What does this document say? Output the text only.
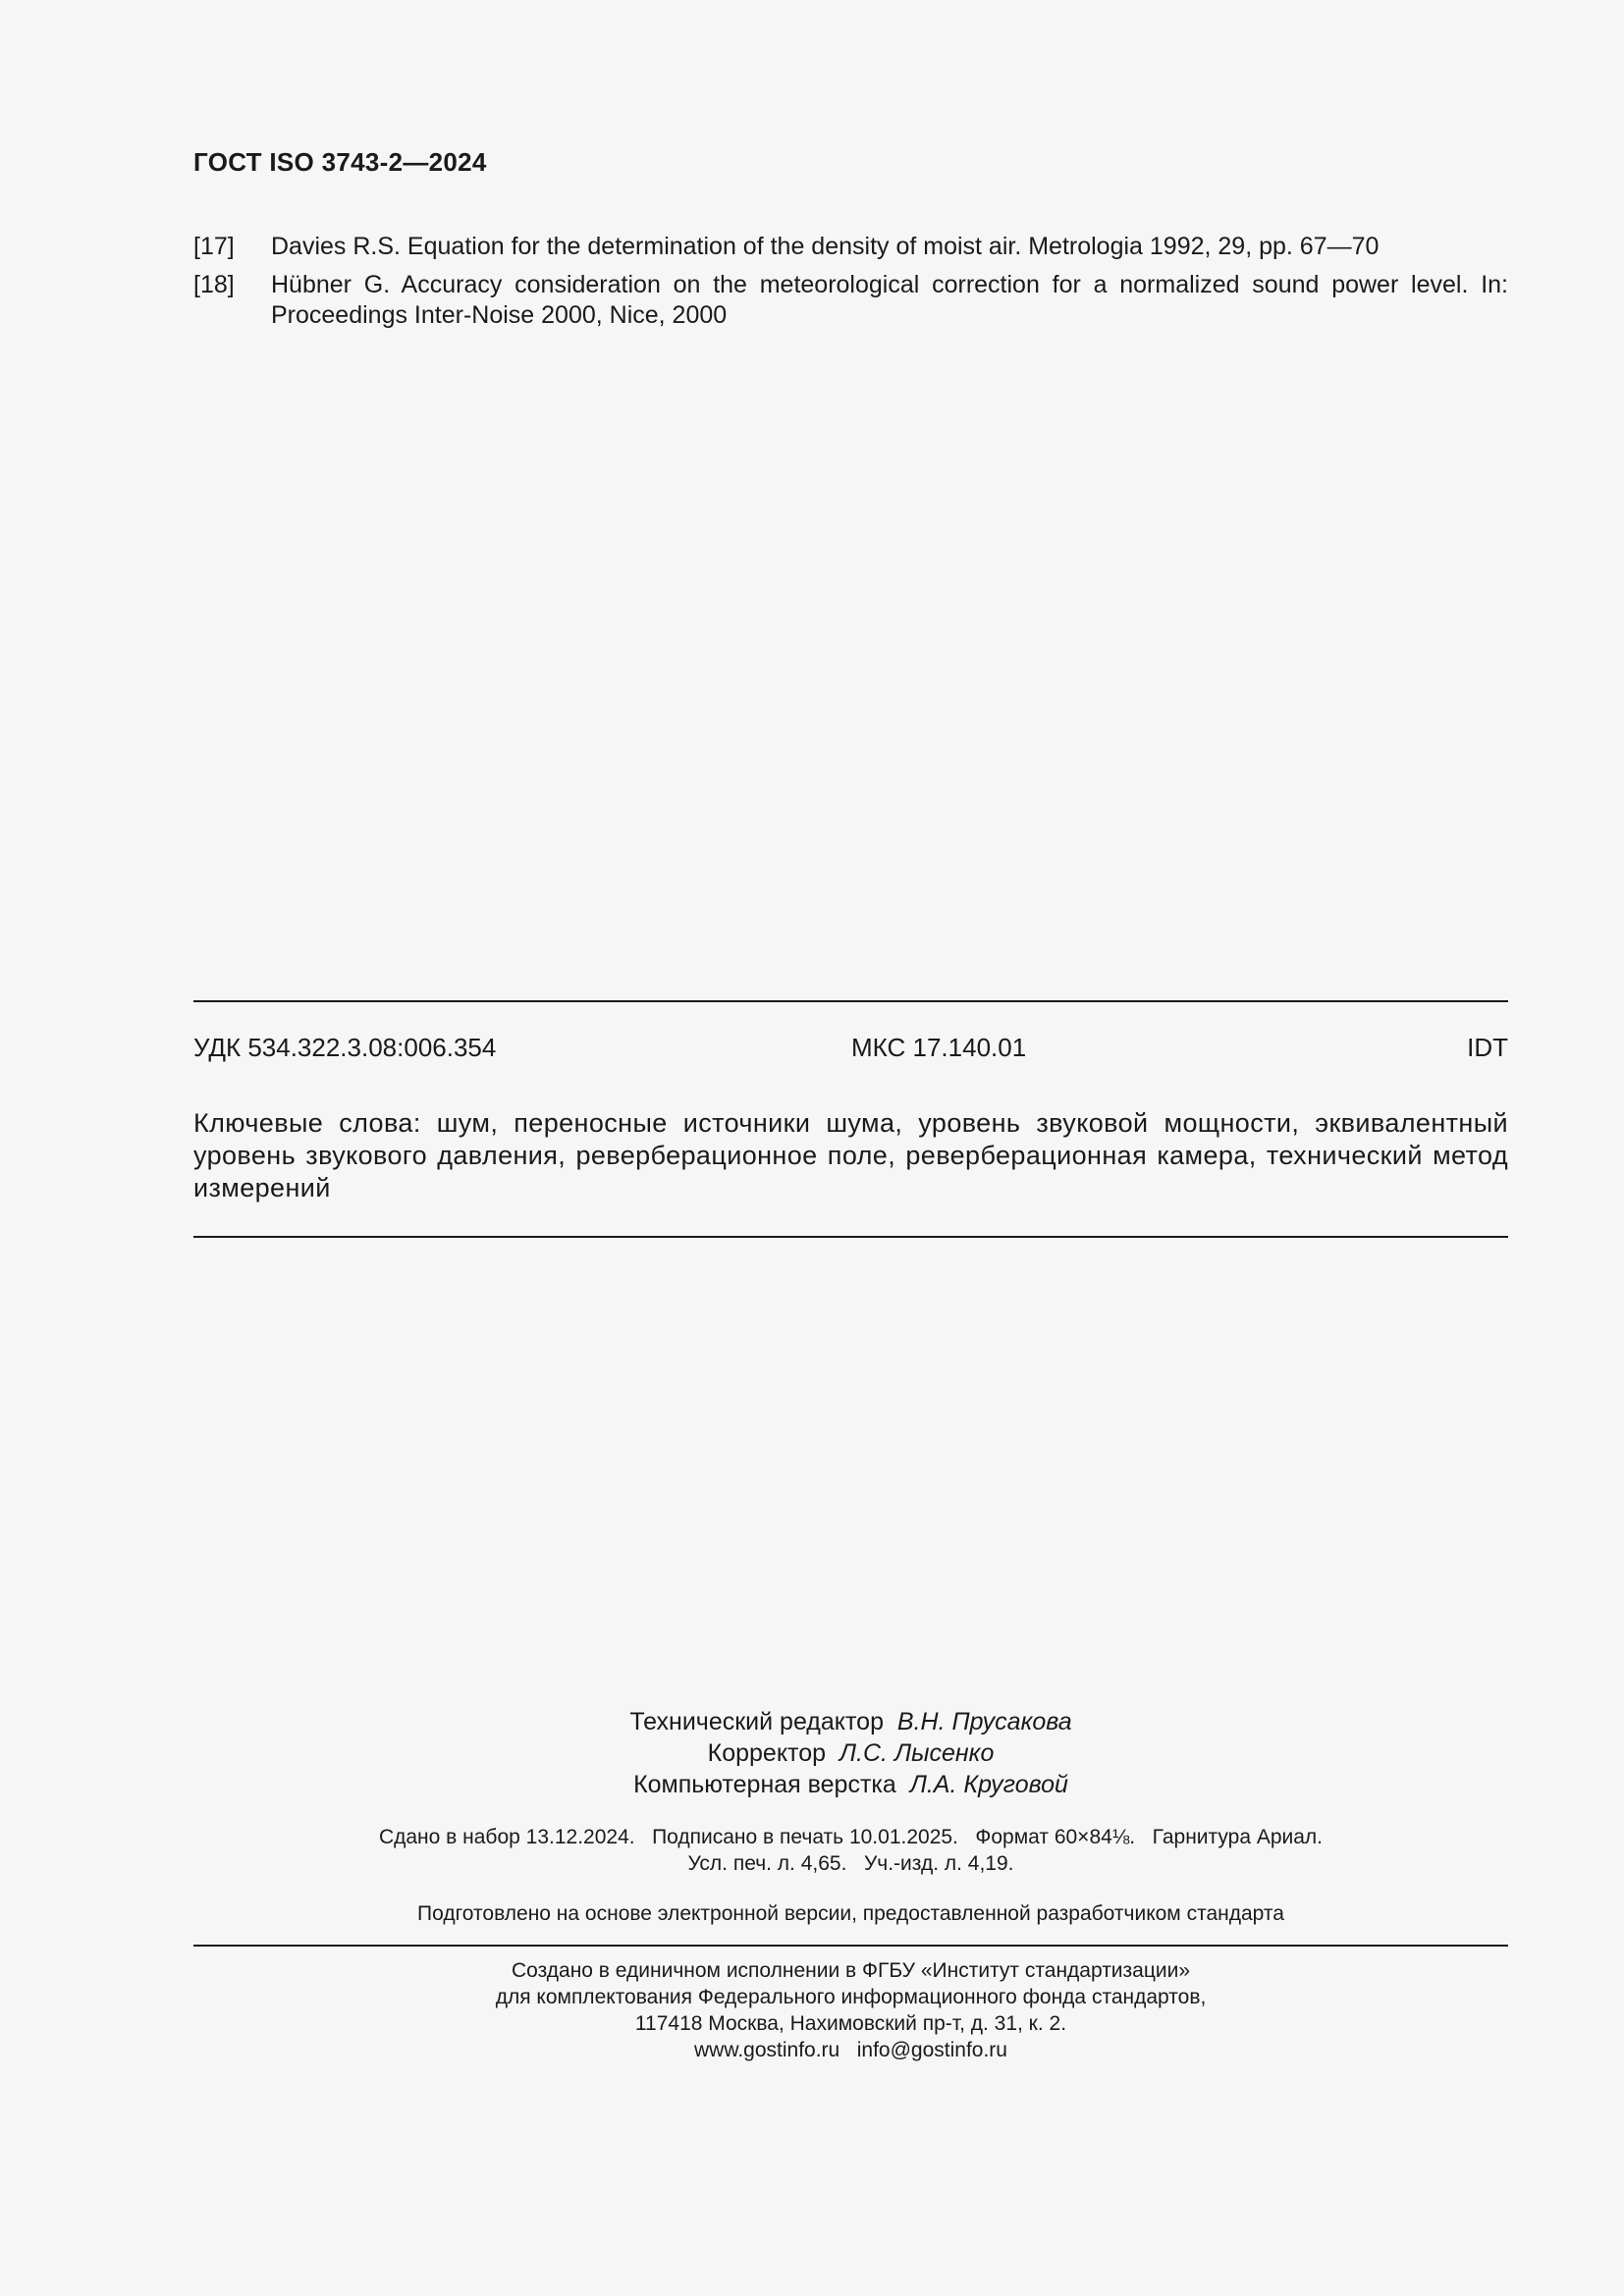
ГОСТ ISO 3743-2—2024
[17]	Davies R.S. Equation for the determination of the density of moist air. Metrologia 1992, 29, pp. 67—70
[18]	Hübner G. Accuracy consideration on the meteorological correction for a normalized sound power level. In: Proceedings Inter-Noise 2000, Nice, 2000
УДК 534.322.3.08:006.354	МКС 17.140.01	IDT
Ключевые слова: шум, переносные источники шума, уровень звуковой мощности, эквивалентный уровень звукового давления, реверберационное поле, реверберационная камера, технический метод измерений
Технический редактор В.Н. Прусакова
Корректор Л.С. Лысенко
Компьютерная верстка Л.А. Круговой
Сдано в набор 13.12.2024.   Подписано в печать 10.01.2025.   Формат 60×84⅛.   Гарнитура Ариал.
Усл. печ. л. 4,65.   Уч.-изд. л. 4,19.
Подготовлено на основе электронной версии, предоставленной разработчиком стандарта
Создано в единичном исполнении в ФГБУ «Институт стандартизации»
для комплектования Федерального информационного фонда стандартов,
117418 Москва, Нахимовский пр-т, д. 31, к. 2.
www.gostinfo.ru info@gostinfo.ru
